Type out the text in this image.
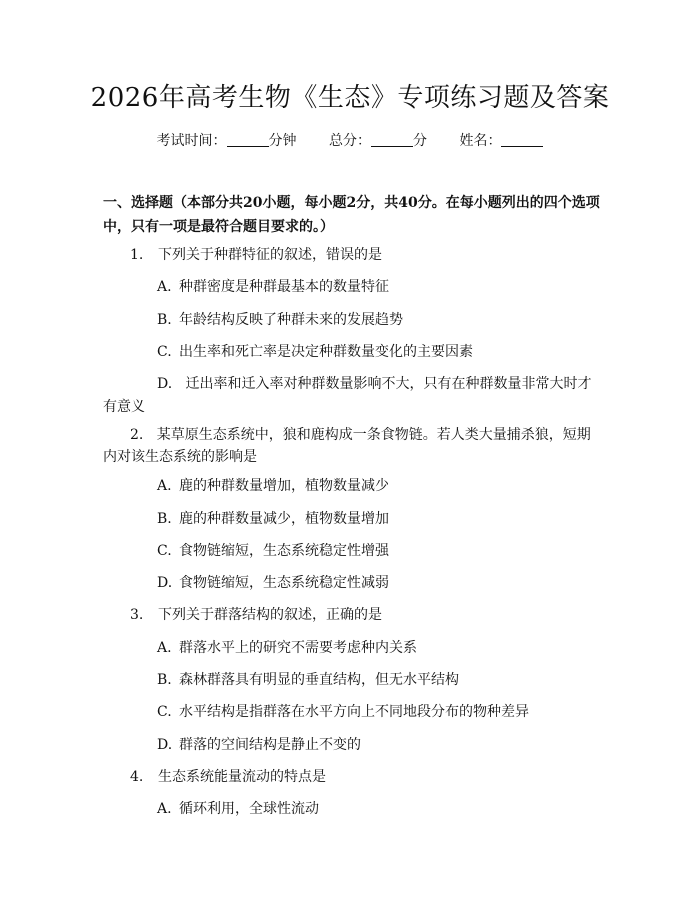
2026年高考生物《生态》专项练习题及答案
考试时间：	分钟 总分：	分 姓名：
一、选择题（本部分共20小题，每小题2分，共40分。在每小题列出的四个选项中，只有一项是最符合题目要求的。）
1. 下列关于种群特征的叙述，错误的是
A. 种群密度是种群最基本的数量特征
B. 年龄结构反映了种群未来的发展趋势
C. 出生率和死亡率是决定种群数量变化的主要因素
D. 迁出率和迁入率对种群数量影响不大，只有在种群数量非常大时才有意义
2. 某草原生态系统中，狼和鹿构成一条食物链。若人类大量捕杀狼，短期内对该生态系统的影响是
A. 鹿的种群数量增加，植物数量减少
B. 鹿的种群数量减少，植物数量增加
C. 食物链缩短，生态系统稳定性增强
D. 食物链缩短，生态系统稳定性减弱
3. 下列关于群落结构的叙述，正确的是
A. 群落水平上的研究不需要考虑种内关系
B. 森林群落具有明显的垂直结构，但无水平结构
C. 水平结构是指群落在水平方向上不同地段分布的物种差异
D. 群落的空间结构是静止不变的
4. 生态系统能量流动的特点是
A. 循环利用，全球性流动
